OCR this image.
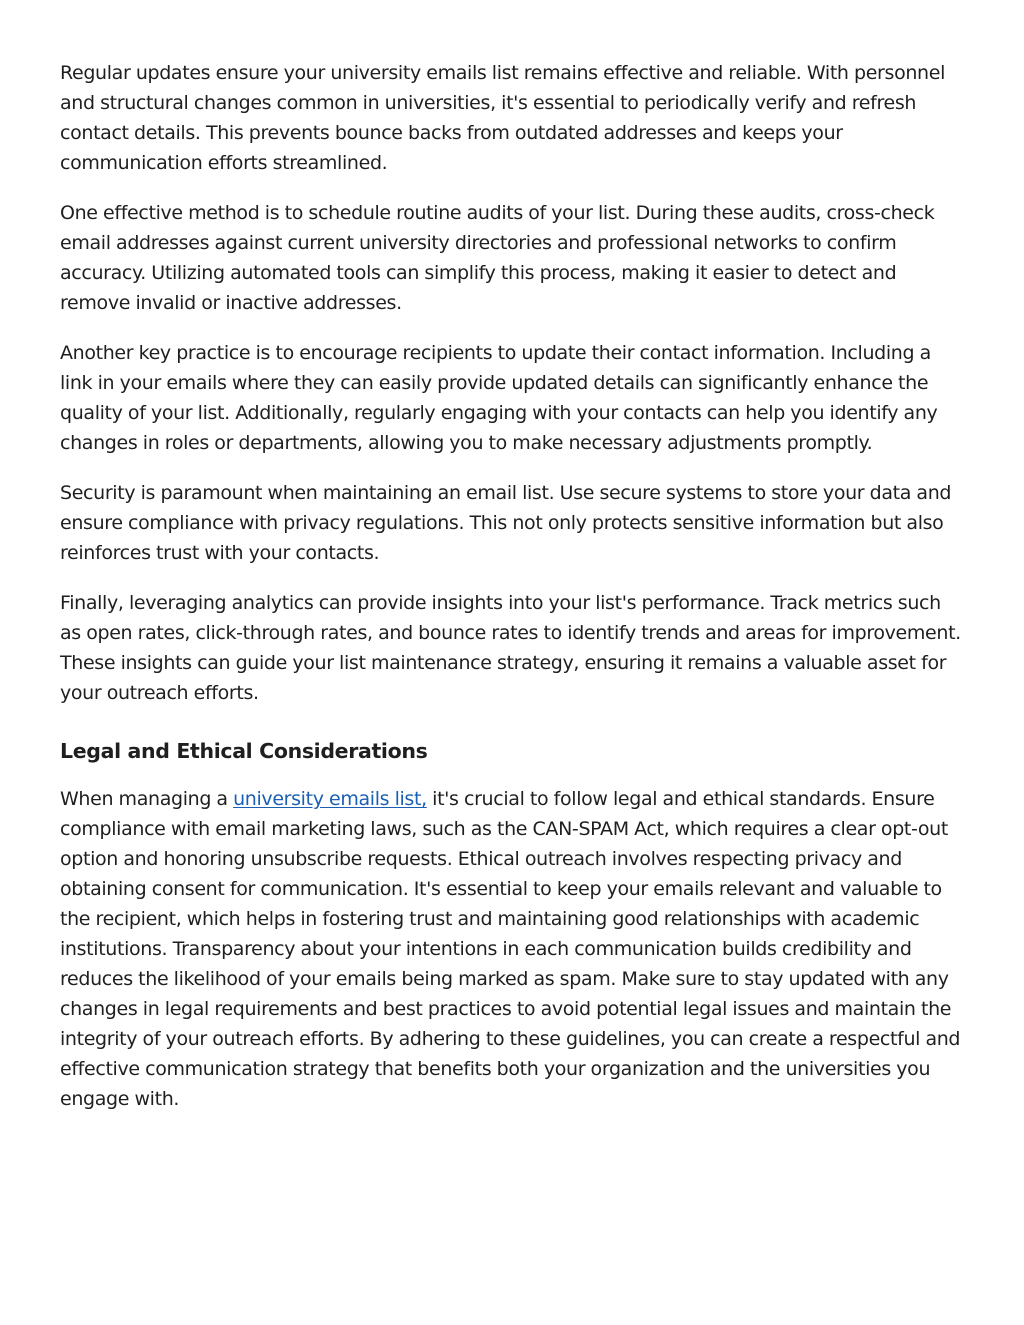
Regular updates ensure your university emails list remains effective and reliable. With personnel and structural changes common in universities, it's essential to periodically verify and refresh contact details. This prevents bounce backs from outdated addresses and keeps your communication efforts streamlined.

One effective method is to schedule routine audits of your list. During these audits, cross-check email addresses against current university directories and professional networks to confirm accuracy. Utilizing automated tools can simplify this process, making it easier to detect and remove invalid or inactive addresses.

Another key practice is to encourage recipients to update their contact information. Including a link in your emails where they can easily provide updated details can significantly enhance the quality of your list. Additionally, regularly engaging with your contacts can help you identify any changes in roles or departments, allowing you to make necessary adjustments promptly.

Security is paramount when maintaining an email list. Use secure systems to store your data and ensure compliance with privacy regulations. This not only protects sensitive information but also reinforces trust with your contacts.

Finally, leveraging analytics can provide insights into your list's performance. Track metrics such as open rates, click-through rates, and bounce rates to identify trends and areas for improvement. These insights can guide your list maintenance strategy, ensuring it remains a valuable asset for your outreach efforts.

Legal and Ethical Considerations

When managing a university emails list, it's crucial to follow legal and ethical standards. Ensure compliance with email marketing laws, such as the CAN-SPAM Act, which requires a clear opt-out option and honoring unsubscribe requests. Ethical outreach involves respecting privacy and obtaining consent for communication. It's essential to keep your emails relevant and valuable to the recipient, which helps in fostering trust and maintaining good relationships with academic institutions. Transparency about your intentions in each communication builds credibility and reduces the likelihood of your emails being marked as spam. Make sure to stay updated with any changes in legal requirements and best practices to avoid potential legal issues and maintain the integrity of your outreach efforts. By adhering to these guidelines, you can create a respectful and effective communication strategy that benefits both your organization and the universities you engage with.
